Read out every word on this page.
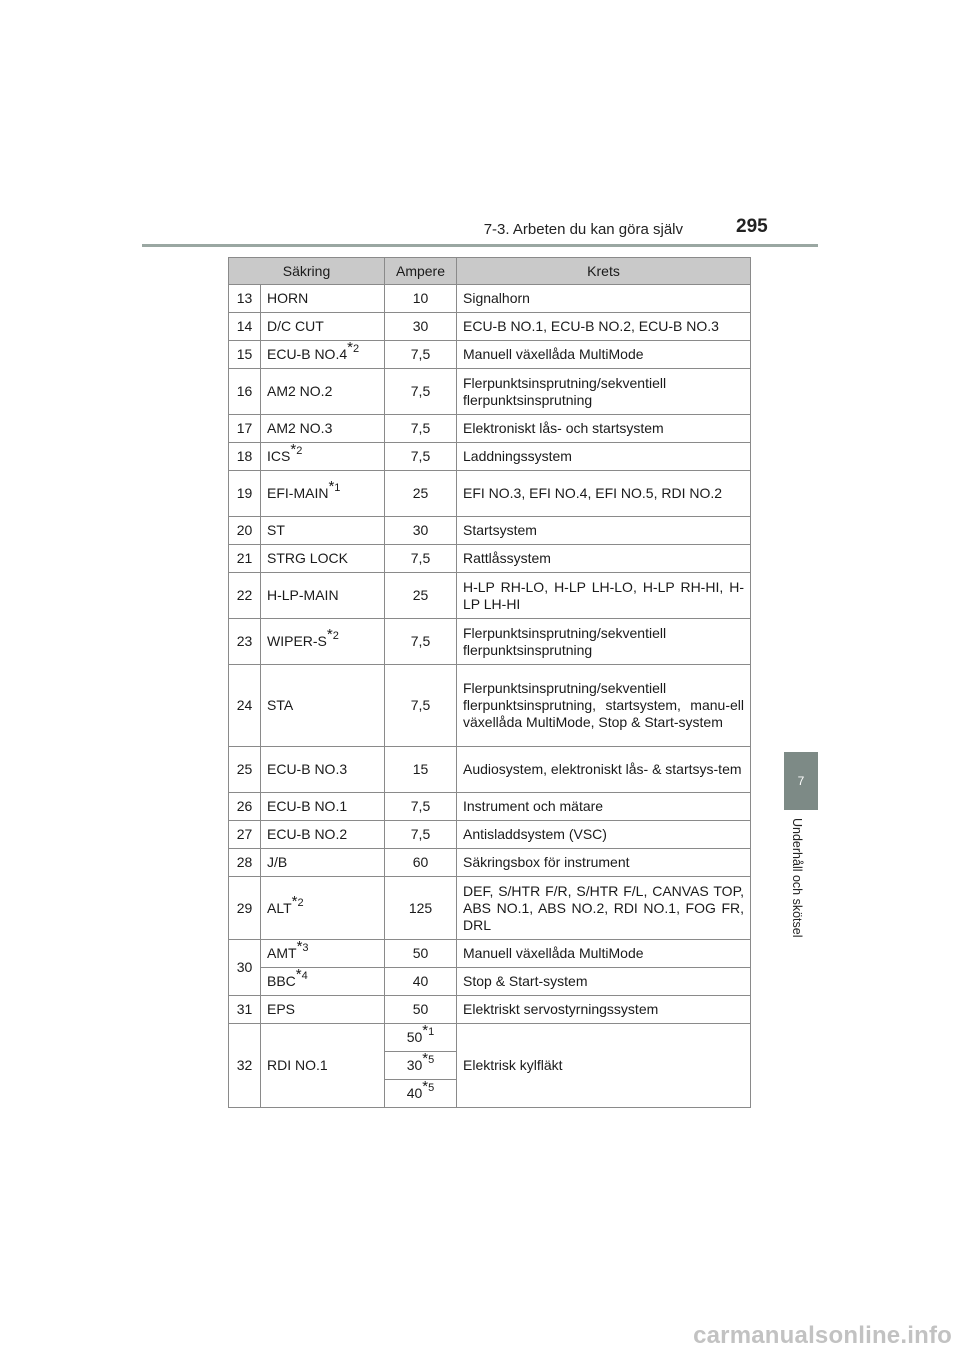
7-3. Arbeten du kan göra själv	295
7
Underhåll och skötsel
Säkring		Ampere	Krets
13	HORN	10	Signalhorn
14	D/C CUT	30	ECU-B NO.1, ECU-B NO.2, ECU-B NO.3
15	ECU-B NO.4$^{*2}$	7,5	Manuell växellåda MultiMode
16	AM2 NO.2	7,5	Flerpunktsinsprutning/sekventiell flerpunktsinsprutning
17	AM2 NO.3	7,5	Elektroniskt lås- och startsystem
18	ICS$^{*2}$	7,5	Laddningssystem
19	EFI-MAIN$^{*1}$	25	EFI NO.3, EFI NO.4, EFI NO.5, RDI NO.2
20	ST	30	Startsystem
21	STRG LOCK	7,5	Rattlåssystem
22	H-LP-MAIN	25	H-LP RH-LO, H-LP LH-LO, H-LP RH-HI, H-LP LH-HI
23	WIPER-$S^{*2}$	7,5	Flerpunktsinsprutning/sekventiell flerpunktsinsprutning
24	STA	7,5	Flerpunktsinsprutning/sekventiell flerpunktsinsprutning, startsystem, manu-ell växellåda MultiMode, Stop & Start-system
25	ECU-B NO.3	15	Audiosystem, elektroniskt lås- & startsys-tem
26	ECU-B NO.1	7,5	Instrument och mätare
27	ECU-B NO.2	7,5	Antisladdsystem (VSC)
28	J/B	60	Säkringsbox för instrument
29	ALT$^{*2}$	125	DEF, S/HTR F/R, S/HTR F/L, CANVAS TOP, ABS NO.1, ABS NO.2, RDI NO.1, FOG FR, DRL
30	AMT$^{*3}$	50	Manuell växellåda MultiMode
	BBC$^{*4}$	40	Stop & Start-system
31	EPS	50	Elektriskt servostyrningssystem
32	RDI NO.1	50$^{*1}$	Elektrisk kylfläkt
		30$^{*5}$
		40$^{*5}$
carmanualsonline.info
